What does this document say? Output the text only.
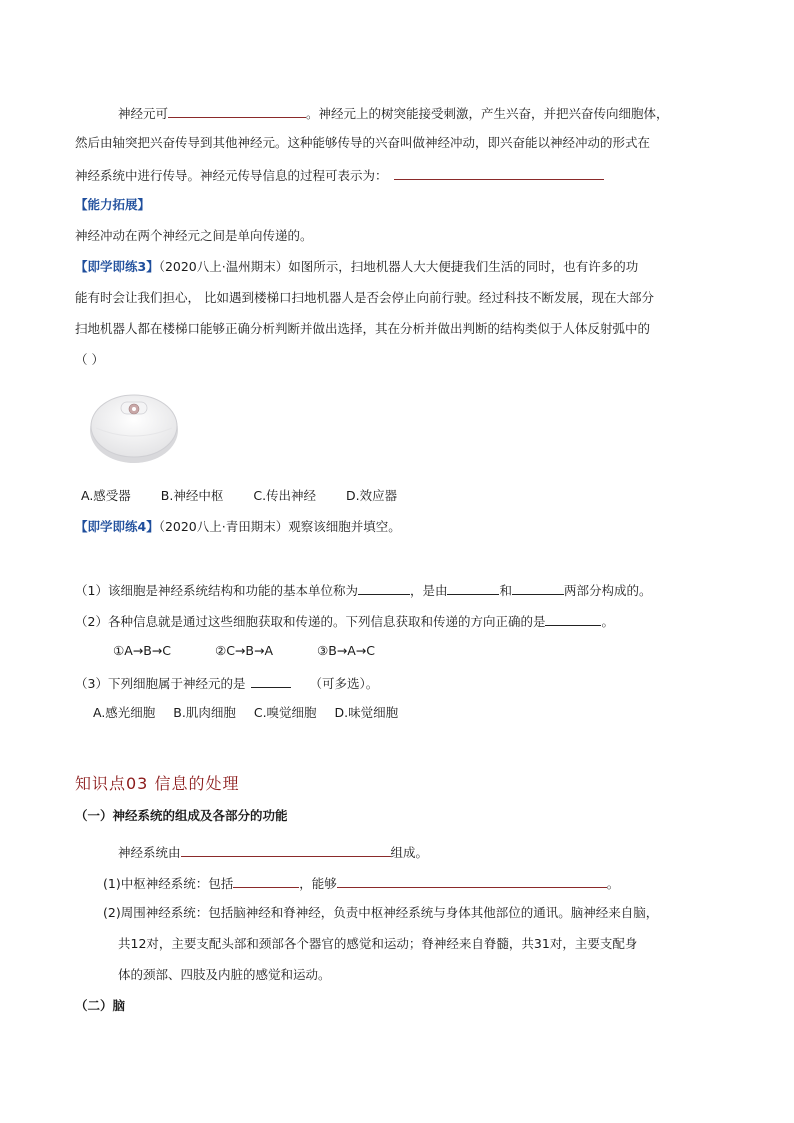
神经元可	。神经元上的树突能接受刺激，产生兴奋，并把兴奋传向细胞体，
然后由轴突把兴奋传导到其他神经元。这种能够传导的兴奋叫做神经冲动，即兴奋能以神经冲动的形式在
神经系统中进行传导。神经元传导信息的过程可表示为：
【能力拓展】
神经冲动在两个神经元之间是单向传递的。
【即学即练3】（2020八上·温州期末）如图所示，扫地机器人大大便捷我们生活的同时，也有许多的功
能有时会让我们担心， 比如遇到楼梯口扫地机器人是否会停止向前行驶。经过科技不断发展，现在大部分
扫地机器人都在楼梯口能够正确分析判断并做出选择，其在分析并做出判断的结构类似于人体反射弧中的
（ ）
A.感受器 B.神经中枢 C.传出神经 D.效应器
【即学即练4】（2020八上·青田期末）观察该细胞并填空。
（1）该细胞是神经系统结构和功能的基本单位称为	，是由	和	两部分构成的。
（2）各种信息就是通过这些细胞获取和传递的。下列信息获取和传递的方向正确的是	。
①A→B→C	②C→B→A	③B→A→C
（3）下列细胞属于神经元的是	（可多选）。
A.感光细胞 B.肌肉细胞 C.嗅觉细胞 D.味觉细胞
知识点03 信息的处理
（一）神经系统的组成及各部分的功能
神经系统由	组成。
(1)中枢神经系统：包括	，能够	。
(2)周围神经系统：包括脑神经和脊神经，负责中枢神经系统与身体其他部位的通讯。脑神经来自脑，
共12对，主要支配头部和颈部各个器官的感觉和运动；脊神经来自脊髓，共31对，主要支配身
体的颈部、四肢及内脏的感觉和运动。
（二）脑
